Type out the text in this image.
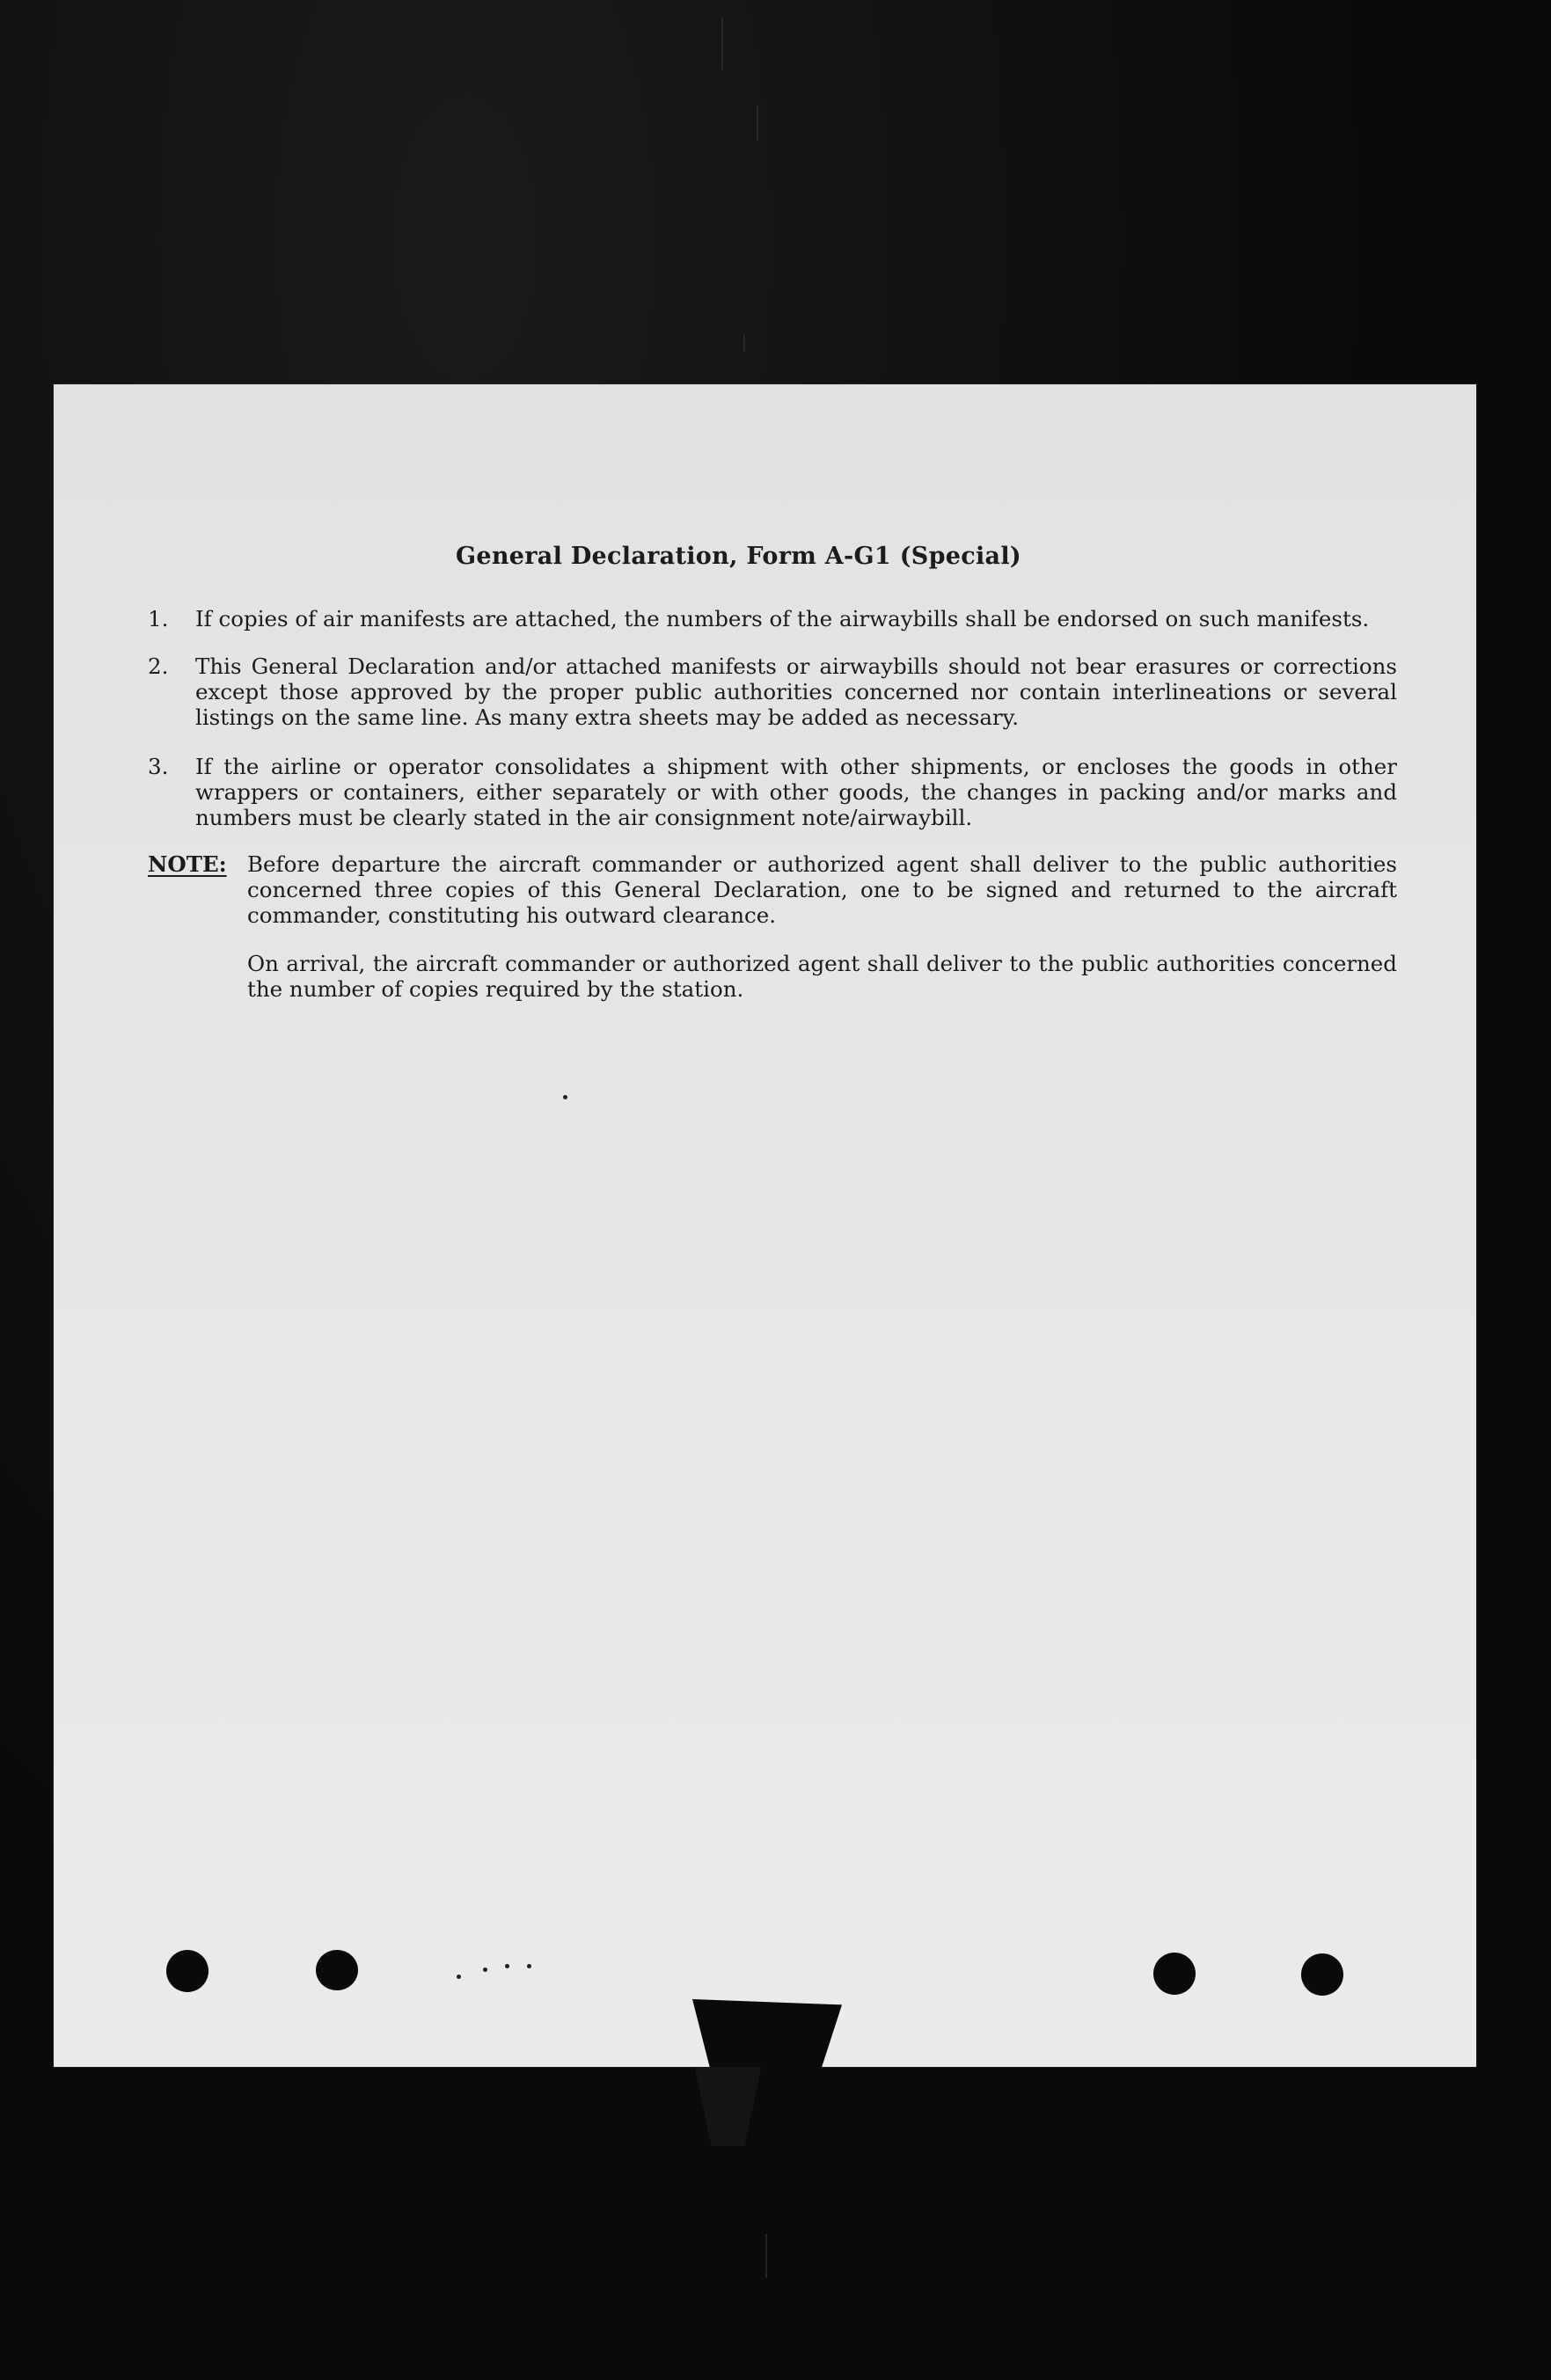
General Declaration, Form A-G1 (Special)
1.	If copies of air manifests are attached, the numbers of the airwaybills shall be endorsed on such manifests.
2.	This General Declaration and/or attached manifests or airwaybills should not bear erasures or corrections except those approved by the proper public authorities concerned nor contain interlineations or several listings on the same line. As many extra sheets may be added as necessary.
3.	If the airline or operator consolidates a shipment with other shipments, or encloses the goods in other wrappers or containers, either separately or with other goods, the changes in packing and/or marks and numbers must be clearly stated in the air consignment note/airwaybill.
NOTE: Before departure the aircraft commander or authorized agent shall deliver to the public authorities concerned three copies of this General Declaration, one to be signed and returned to the aircraft commander, constituting his outward clearance.
On arrival, the aircraft commander or authorized agent shall deliver to the public authorities concerned the number of copies required by the station.
